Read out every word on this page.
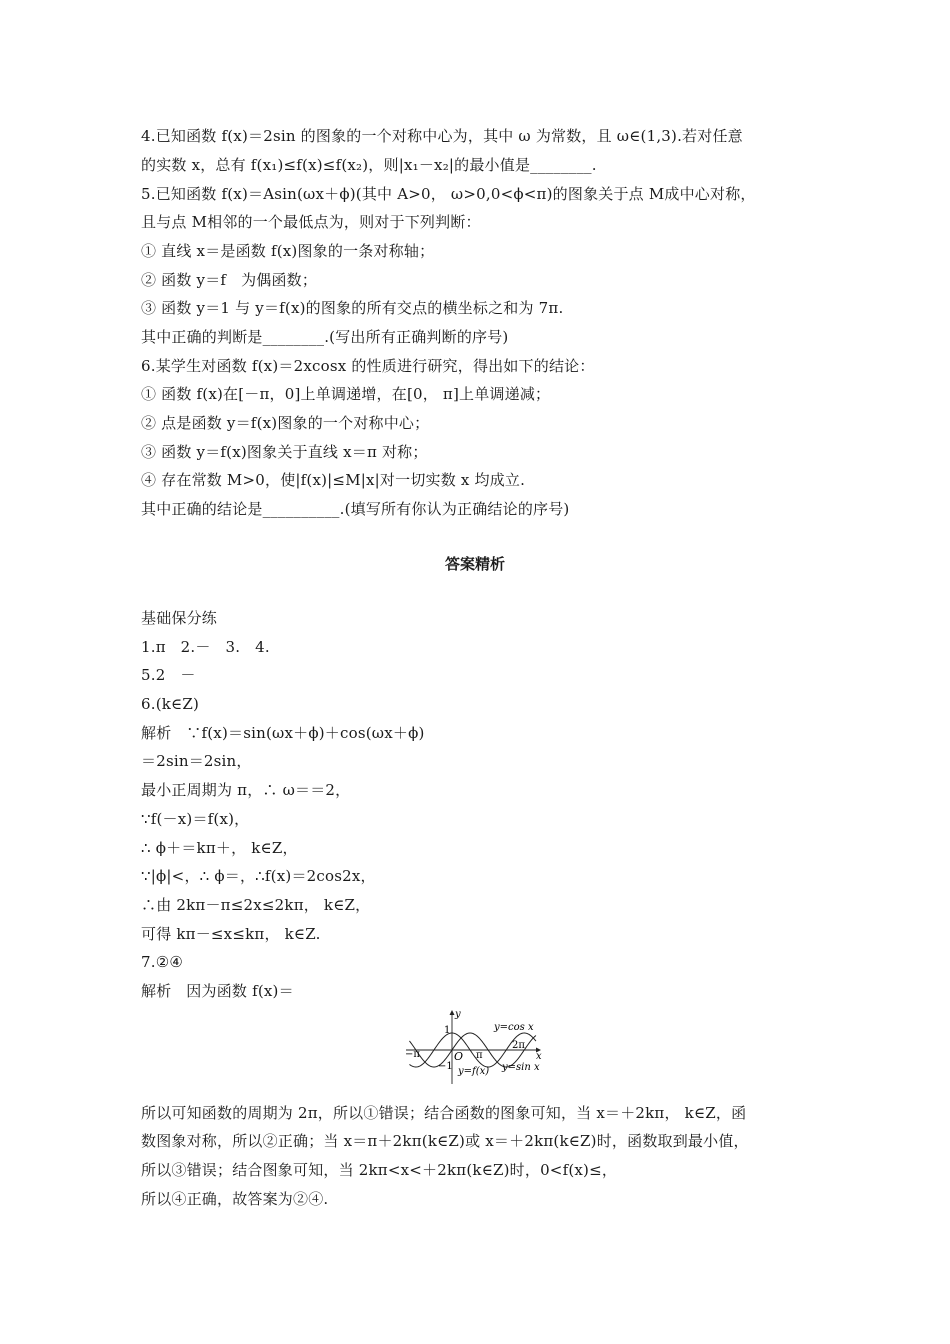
4.已知函数 f(x)＝2sin 的图象的一个对称中心为，其中 ω 为常数，且 ω∈(1,3).若对任意
的实数 x，总有 f(x₁)≤f(x)≤f(x₂)，则|x₁－x₂|的最小值是________.
5.已知函数 f(x)＝Asin(ωx＋ϕ)(其中 A>0， ω>0,0<ϕ<π)的图象关于点 M成中心对称，
且与点 M相邻的一个最低点为，则对于下列判断：
① 直线 x＝是函数 f(x)图象的一条对称轴；
② 函数 y＝f   为偶函数；
③ 函数 y＝1 与 y＝f(x)的图象的所有交点的横坐标之和为 7π.
其中正确的判断是________.(写出所有正确判断的序号)
6.某学生对函数 f(x)＝2xcosx 的性质进行研究，得出如下的结论：
① 函数 f(x)在[－π，0]上单调递增，在[0， π]上单调递减；
② 点是函数 y＝f(x)图象的一个对称中心；
③ 函数 y＝f(x)图象关于直线 x＝π 对称；
④ 存在常数 M>0，使|f(x)|≤M|x|对一切实数 x 均成立.
其中正确的结论是__________.(填写所有你认为正确结论的序号)
答案精析
基础保分练
1.π   2.－   3.   4.
5.2   －
6.(k∈Z)
解析   ∵f(x)＝sin(ωx＋ϕ)＋cos(ωx＋ϕ)
＝2sin＝2sin，
最小正周期为 π，∴ ω＝＝2，
∵f(－x)＝f(x)，
∴ ϕ＋＝kπ＋， k∈Z，
∵|ϕ|<，∴ ϕ＝，∴f(x)＝2cos2x，
∴由 2kπ－π≤2x≤2kπ， k∈Z，
可得 kπ－≤x≤kπ， k∈Z.
7.②④
解析   因为函数 f(x)＝
y
x
1
−1
O
−π	π
2π
y=cos x
y=sin x
y=f(x)
所以可知函数的周期为 2π，所以①错误；结合函数的图象可知，当 x＝＋2kπ， k∈Z，函
数图象对称，所以②正确；当 x＝π＋2kπ(k∈Z)或 x＝＋2kπ(k∈Z)时，函数取到最小值，
所以③错误；结合图象可知，当 2kπ<x<＋2kπ(k∈Z)时，0<f(x)≤，
所以④正确，故答案为②④.
